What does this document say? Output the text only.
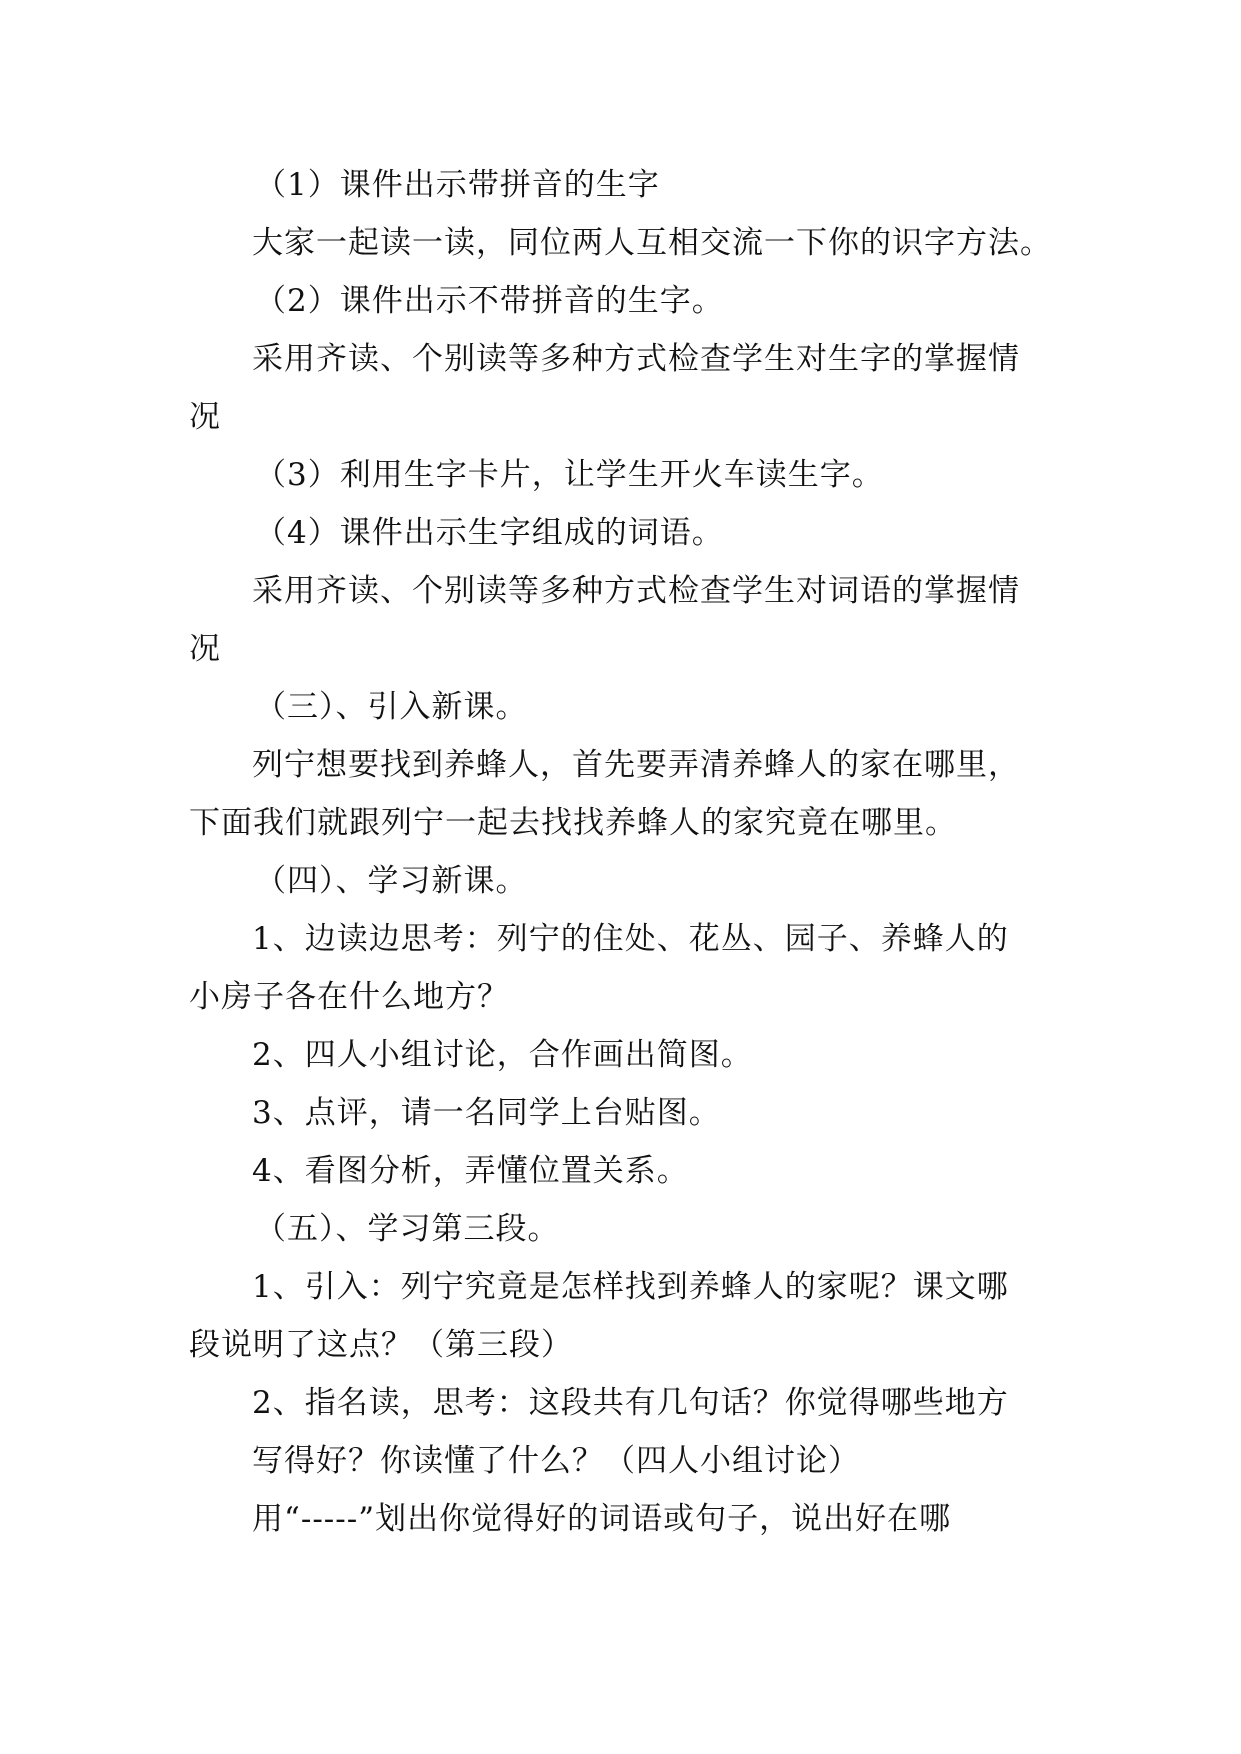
（1）课件出示带拼音的生字
大家一起读一读，同位两人互相交流一下你的识字方法。
（2）课件出示不带拼音的生字。
采用齐读、个别读等多种方式检查学生对生字的掌握情
况
（3）利用生字卡片，让学生开火车读生字。
（4）课件出示生字组成的词语。
采用齐读、个别读等多种方式检查学生对词语的掌握情
况
（三）、引入新课。
列宁想要找到养蜂人，首先要弄清养蜂人的家在哪里，
下面我们就跟列宁一起去找找养蜂人的家究竟在哪里。
（四）、学习新课。
1、边读边思考：列宁的住处、花丛、园子、养蜂人的
小房子各在什么地方？
2、四人小组讨论，合作画出简图。
3、点评，请一名同学上台贴图。
4、看图分析，弄懂位置关系。
（五）、学习第三段。
1、引入：列宁究竟是怎样找到养蜂人的家呢？课文哪
段说明了这点？（第三段）
2、指名读，思考：这段共有几句话？你觉得哪些地方
写得好？你读懂了什么？（四人小组讨论）
用“-----”划出你觉得好的词语或句子，说出好在哪
